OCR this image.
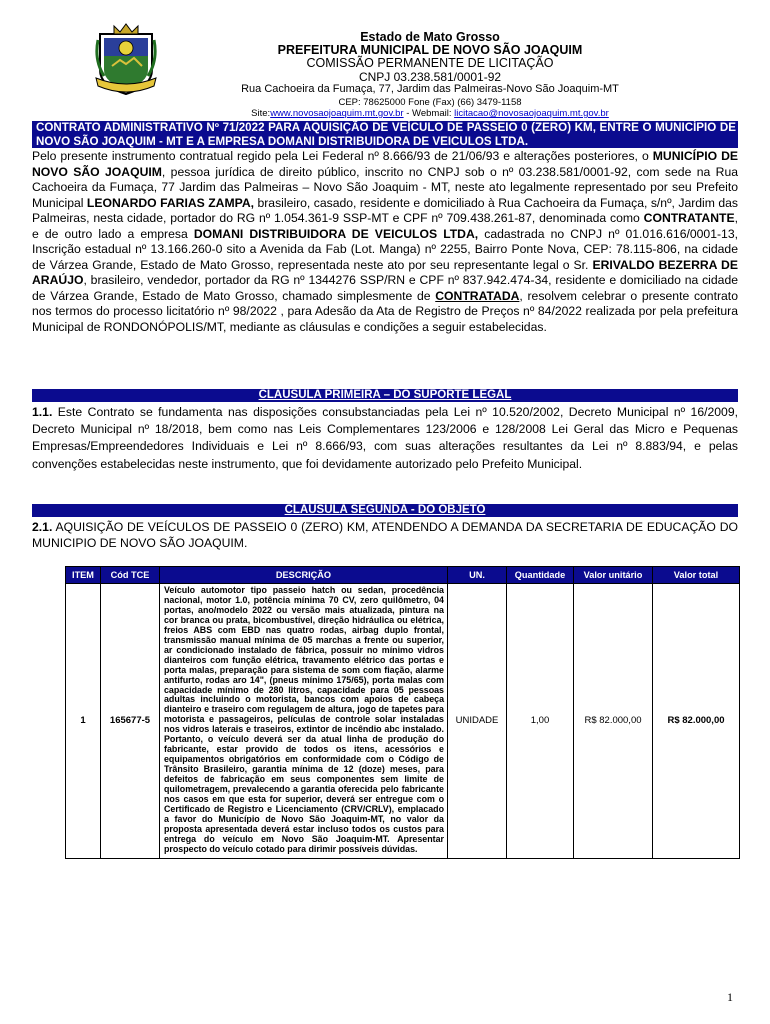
Estado de Mato Grosso
PREFEITURA MUNICIPAL DE NOVO SÃO JOAQUIM
COMISSÃO PERMANENTE DE LICITAÇÃO
CNPJ 03.238.581/0001-92
Rua Cachoeira da Fumaça, 77, Jardim das Palmeiras-Novo São Joaquim-MT
CEP: 78625000 Fone (Fax) (66) 3479-1158
Site:www.novosaojoaquim.mt.gov.br - Webmail: licitacao@novosaojoaquim.mt.gov.br
CONTRATO ADMINISTRATIVO Nº 71/2022 PARA AQUISIÇÃO DE VEÍCULO DE PASSEIO 0 (ZERO) KM, ENTRE O MUNICÍPIO DE NOVO SÃO JOAQUIM - MT E A EMPRESA DOMANI DISTRIBUIDORA DE VEICULOS LTDA.
Pelo presente instrumento contratual regido pela Lei Federal nº 8.666/93 de 21/06/93 e alterações posteriores, o MUNICÍPIO DE NOVO SÃO JOAQUIM, pessoa jurídica de direito público, inscrito no CNPJ sob o nº 03.238.581/0001-92, com sede na Rua Cachoeira da Fumaça, 77 Jardim das Palmeiras – Novo São Joaquim - MT, neste ato legalmente representado por seu Prefeito Municipal LEONARDO FARIAS ZAMPA, brasileiro, casado, residente e domiciliado à Rua Cachoeira da Fumaça, s/nº, Jardim das Palmeiras, nesta cidade, portador do RG nº 1.054.361-9 SSP-MT e CPF nº 709.438.261-87, denominada como CONTRATANTE, e de outro lado a empresa DOMANI DISTRIBUIDORA DE VEICULOS LTDA, cadastrada no CNPJ nº 01.016.616/0001-13, Inscrição estadual nº 13.166.260-0 sito a Avenida da Fab (Lot. Manga) nº 2255, Bairro Ponte Nova, CEP: 78.115-806, na cidade de Várzea Grande, Estado de Mato Grosso, representada neste ato por seu representante legal o Sr. ERIVALDO BEZERRA DE ARAÚJO, brasileiro, vendedor, portador da RG nº 1344276 SSP/RN e CPF nº 837.942.474-34, residente e domiciliado na cidade de Várzea Grande, Estado de Mato Grosso, chamado simplesmente de CONTRATADA, resolvem celebrar o presente contrato nos termos do processo licitatório nº 98/2022 , para Adesão da Ata de Registro de Preços nº 84/2022 realizada por pela prefeitura Municipal de RONDONÓPOLIS/MT, mediante as cláusulas e condições a seguir estabelecidas.
CLÁUSULA PRIMEIRA – DO SUPORTE LEGAL
1.1. Este Contrato se fundamenta nas disposições consubstanciadas pela Lei nº 10.520/2002, Decreto Municipal nº 16/2009, Decreto Municipal nº 18/2018, bem como nas Leis Complementares 123/2006 e 128/2008 Lei Geral das Micro e Pequenas Empresas/Empreendedores Individuais e Lei nº 8.666/93, com suas alterações resultantes da Lei nº 8.883/94, e pelas convenções estabelecidas neste instrumento, que foi devidamente autorizado pelo Prefeito Municipal.
CLÁUSULA SEGUNDA - DO OBJETO
2.1. AQUISIÇÃO DE VEÍCULOS DE PASSEIO 0 (ZERO) KM, ATENDENDO A DEMANDA DA SECRETARIA DE EDUCAÇÃO DO MUNICIPIO DE NOVO SÃO JOAQUIM.
ITEM	Cód TCE	DESCRIÇÃO	UN.	Quantidade	Valor unitário	Valor total
1	165677-5	Veículo automotor tipo passeio hatch ou sedan, procedência nacional, motor 1.0, potência mínima 70 CV, zero quilômetro, 04 portas, ano/modelo 2022 ou versão mais atualizada, pintura na cor branca ou prata, bicombustível, direção hidráulica ou elétrica, freios ABS com EBD nas quatro rodas, airbag duplo frontal, transmissão manual mínima de 05 marchas a frente ou superior, ar condicionado instalado de fábrica, possuir no mínimo vidros dianteiros com função elétrica, travamento elétrico das portas e porta malas, preparação para sistema de som com fiação, alarme antifurto, rodas aro 14", (pneus mínimo 175/65), porta malas com capacidade mínimo de 280 litros, capacidade para 05 pessoas adultas incluindo o motorista, bancos com apoios de cabeça dianteiro e traseiro com regulagem de altura, jogo de tapetes para motorista e passageiros, películas de controle solar instaladas nos vidros laterais e traseiros, extintor de incêndio abc instalado. Portanto, o veículo deverá ser da atual linha de produção do fabricante, estar provido de todos os itens, acessórios e equipamentos obrigatórios em conformidade com o Código de Trânsito Brasileiro, garantia mínima de 12 (doze) meses, para defeitos de fabricação em seus componentes sem limite de quilometragem, prevalecendo a garantia oferecida pelo fabricante nos casos em que esta for superior, deverá ser entregue com o Certificado de Registro e Licenciamento (CRV/CRLV), emplacado a favor do Município de Novo São Joaquim-MT, no valor da proposta apresentada deverá estar incluso todos os custos para entrega do veículo em Novo São Joaquim-MT. Apresentar prospecto do veículo cotado para dirimir possíveis dúvidas.	UNIDADE	1,00	R$ 82.000,00	R$ 82.000,00
1
